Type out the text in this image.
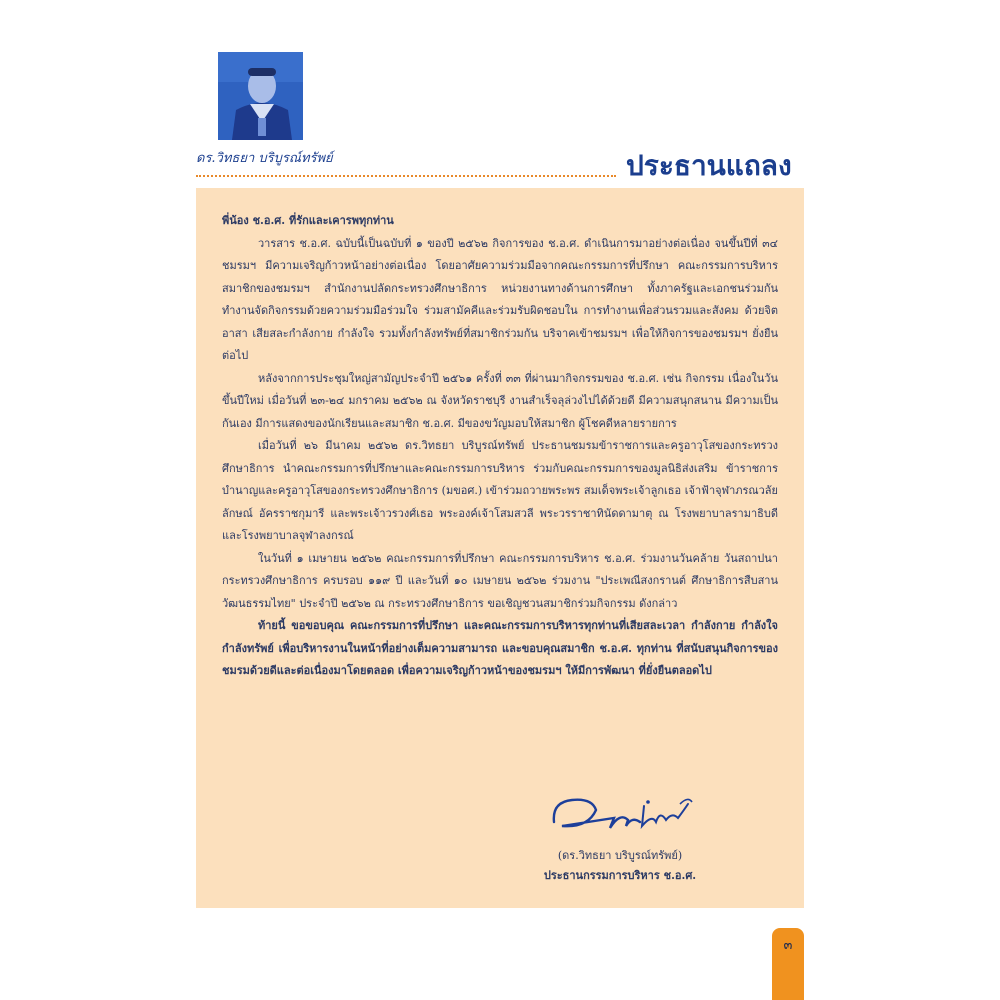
ดร.วิทธยา บริบูรณ์ทรัพย์	ประธานแถลง
พี่น้อง ช.อ.ศ. ที่รักและเคารพทุกท่าน

วารสาร ช.อ.ศ. ฉบับนี้เป็นฉบับที่ ๑ ของปี ๒๕๖๒ กิจการของ ช.อ.ศ. ดำเนินการมาอย่างต่อเนื่อง จนขึ้นปีที่ ๓๔ ชมรมฯ มีความเจริญก้าวหน้าอย่างต่อเนื่อง โดยอาศัยความร่วมมือจากคณะกรรมการที่ปรึกษา คณะกรรมการบริหาร สมาชิกของชมรมฯ สำนักงานปลัดกระทรวงศึกษาธิการ หน่วยงานทางด้านการศึกษา ทั้งภาครัฐและเอกชนร่วมกันทำงานจัดกิจกรรมด้วยความร่วมมือร่วมใจ ร่วมสามัคคีและร่วมรับผิดชอบใน การทำงานเพื่อส่วนรวมและสังคม ด้วยจิตอาสา เสียสละกำลังกาย กำลังใจ รวมทั้งกำลังทรัพย์ที่สมาชิกร่วมกัน บริจาคเข้าชมรมฯ เพื่อให้กิจการของชมรมฯ ยั่งยืนต่อไป

หลังจากการประชุมใหญ่สามัญประจำปี ๒๕๖๑ ครั้งที่ ๓๓ ที่ผ่านมากิจกรรมของ ช.อ.ศ. เช่น กิจกรรม เนื่องในวันขึ้นปีใหม่ เมื่อวันที่ ๒๓-๒๔ มกราคม ๒๕๖๒ ณ จังหวัดราชบุรี งานสำเร็จลุล่วงไปได้ด้วยดี มีความสนุกสนาน มีความเป็นกันเอง มีการแสดงของนักเรียนและสมาชิก ช.อ.ศ. มีของขวัญมอบให้สมาชิก ผู้โชคดีหลายรายการ

เมื่อวันที่ ๒๖ มีนาคม ๒๕๖๒ ดร.วิทธยา บริบูรณ์ทรัพย์ ประธานชมรมข้าราชการและครูอาวุโสของกระทรวง ศึกษาธิการ นำคณะกรรมการที่ปรึกษาและคณะกรรมการบริหาร ร่วมกับคณะกรรมการของมูลนิธิส่งเสริม ข้าราชการบำนาญและครูอาวุโสของกระทรวงศึกษาธิการ (มขอศ.) เข้าร่วมถวายพระพร สมเด็จพระเจ้าลูกเธอ เจ้าฟ้าจุฬาภรณวลัยลักษณ์ อัครราชกุมารี และพระเจ้าวรวงศ์เธอ พระองค์เจ้าโสมสวลี พระวรราชาทินัดดามาตุ ณ โรงพยาบาลรามาธิบดี และโรงพยาบาลจุฬาลงกรณ์

ในวันที่ ๑ เมษายน ๒๕๖๒ คณะกรรมการที่ปรึกษา คณะกรรมการบริหาร ช.อ.ศ. ร่วมงานวันคล้าย วันสถาปนากระทรวงศึกษาธิการ ครบรอบ ๑๑๙ ปี และวันที่ ๑๐ เมษายน ๒๕๖๒ ร่วมงาน "ประเพณีสงกรานต์ ศึกษาธิการสืบสานวัฒนธรรมไทย" ประจำปี ๒๕๖๒ ณ กระทรวงศึกษาธิการ ขอเชิญชวนสมาชิกร่วมกิจกรรม ดังกล่าว

ท้ายนี้ ขอขอบคุณ คณะกรรมการที่ปรึกษา และคณะกรรมการบริหารทุกท่านที่เสียสละเวลา กำลังกาย กำลังใจ กำลังทรัพย์ เพื่อบริหารงานในหน้าที่อย่างเต็มความสามารถ และขอบคุณสมาชิก ช.อ.ศ. ทุกท่าน ที่สนับสนุนกิจการของชมรมด้วยดีและต่อเนื่องมาโดยตลอด เพื่อความเจริญก้าวหน้าของชมรมฯ ให้มีการพัฒนา ที่ยั่งยืนตลอดไป

(ดร.วิทธยา บริบูรณ์ทรัพย์)
ประธานกรรมการบริหาร ช.อ.ศ.
๓
